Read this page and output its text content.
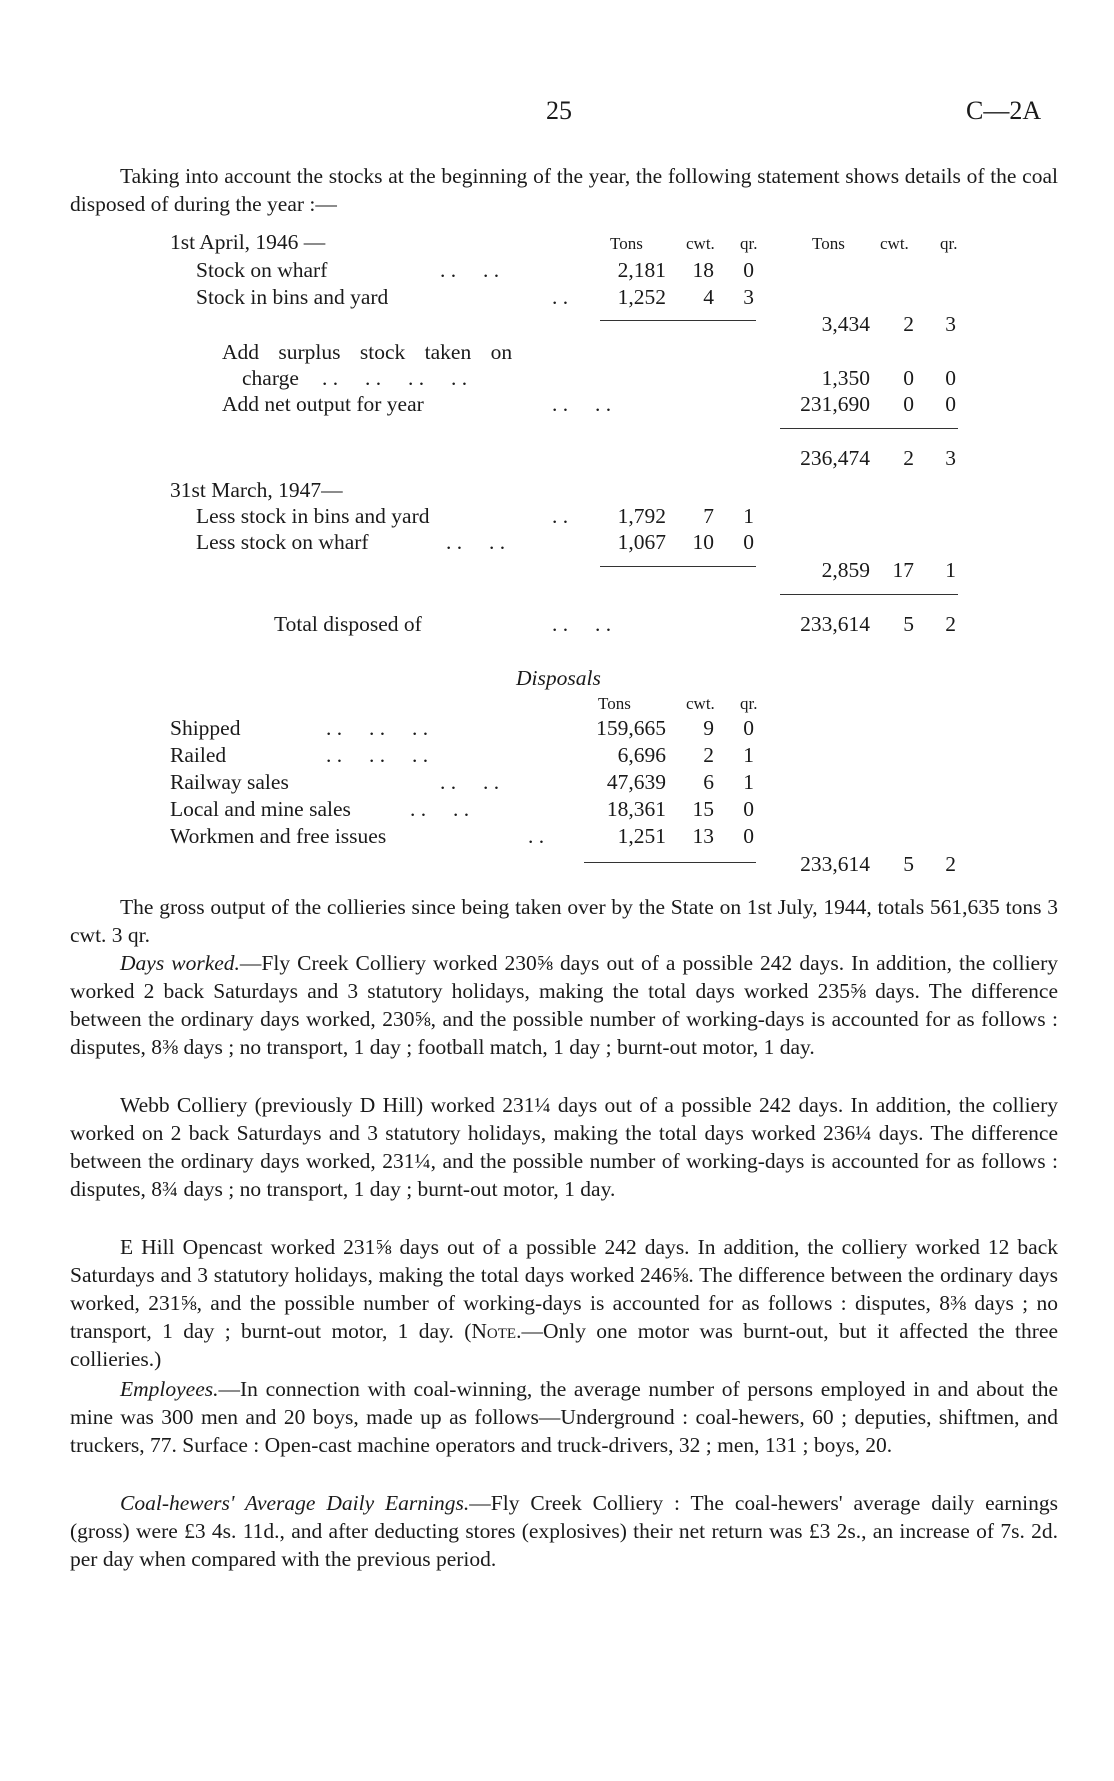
25	C—2A
Taking into account the stocks at the beginning of the year, the following statement shows details of the coal disposed of during the year :—
1st April, 1946 —	Tons	cwt. qr.	Tons cwt. qr.
Stock on wharf	. .     . .	2,181	18	0
Stock in bins and yard	. .	1,252	4	3
3,434	2	3
Add surplus stock taken on
charge . .     . .     . .     . .	1,350	0	0
Add net output for year	. .     . .	231,690	0	0
236,474	2	3
31st March, 1947—
Less stock in bins and yard	. .	1,792	7	1
Less stock on wharf	. .     . .	1,067	10	0
2,859	17	1
Total disposed of	. .     . .	233,614	5	2
Disposals
Tons	cwt. qr.
Shipped	. .     . .     . .	159,665	9	0
Railed	. .     . .     . .	6,696	2	1
Railway sales	. .     . .	47,639	6	1
Local and mine sales	. .     . .	18,361	15	0
Workmen and free issues	. .	1,251	13	0
233,614	5	2
The gross output of the collieries since being taken over by the State on 1st July, 1944, totals 561,635 tons 3 cwt. 3 qr.
Days worked.—Fly Creek Colliery worked 230⅝ days out of a possible 242 days. In addition, the colliery worked 2 back Saturdays and 3 statutory holidays, making the total days worked 235⅝ days. The difference between the ordinary days worked, 230⅝, and the possible number of working-days is accounted for as follows : disputes, 8⅜ days ; no transport, 1 day ; football match, 1 day ; burnt-out motor, 1 day.
Webb Colliery (previously D Hill) worked 231¼ days out of a possible 242 days. In addition, the colliery worked on 2 back Saturdays and 3 statutory holidays, making the total days worked 236¼ days. The difference between the ordinary days worked, 231¼, and the possible number of working-days is accounted for as follows : disputes, 8¾ days ; no transport, 1 day ; burnt-out motor, 1 day.
E Hill Opencast worked 231⅝ days out of a possible 242 days. In addition, the colliery worked 12 back Saturdays and 3 statutory holidays, making the total days worked 246⅝. The difference between the ordinary days worked, 231⅝, and the possible number of working-days is accounted for as follows : disputes, 8⅜ days ; no transport, 1 day ; burnt-out motor, 1 day. (Note.—Only one motor was burnt-out, but it affected the three collieries.)
Employees.—In connection with coal-winning, the average number of persons employed in and about the mine was 300 men and 20 boys, made up as follows—Underground : coal-hewers, 60 ; deputies, shiftmen, and truckers, 77. Surface : Open-cast machine operators and truck-drivers, 32 ; men, 131 ; boys, 20.
Coal-hewers' Average Daily Earnings.—Fly Creek Colliery : The coal-hewers' average daily earnings (gross) were £3 4s. 11d., and after deducting stores (explosives) their net return was £3 2s., an increase of 7s. 2d. per day when compared with the previous period.
